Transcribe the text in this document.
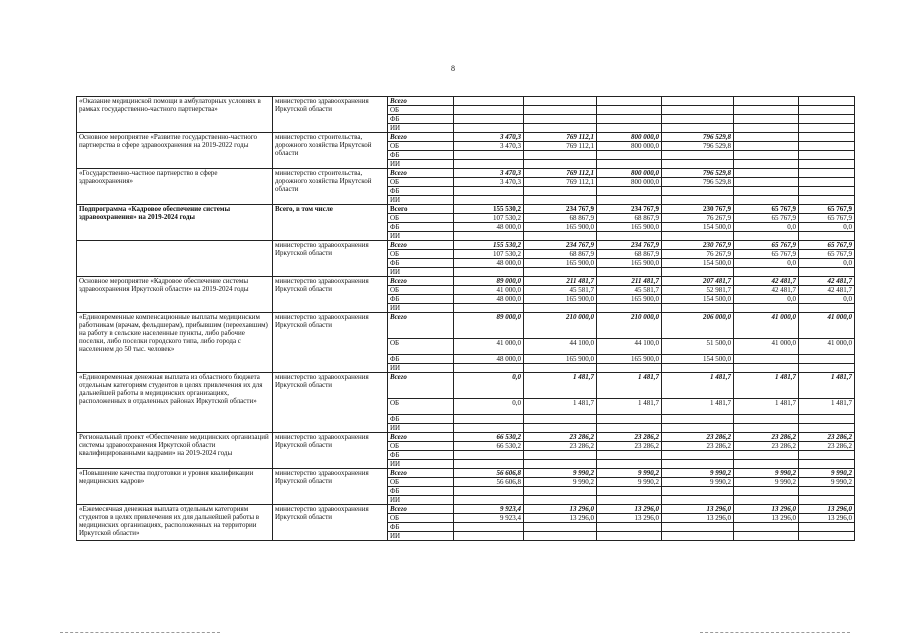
8
«Оказание медицинской помощи в амбулаторных условиях в рамках государственно-частного партнерства»	министерство здравоохранения Иркутской области	Всего						
		ОБ						
		ФБ						
		ИИ						
Основное мероприятие «Развитие государственно-частного партнерства в сфере здравоохранения на 2019-2022 годы	министерство строительства, дорожного хозяйства Иркутской области	Всего	3 470,3	769 112,1	800 000,0	796 529,8		
		ОБ	3 470,3	769 112,1	800 000,0	796 529,8		
		ФБ						
		ИИ						
«Государственно-частное партнерство в сфере здравоохранения»	министерство строительства, дорожного хозяйства Иркутской области	Всего	3 470,3	769 112,1	800 000,0	796 529,8		
		ОБ	3 470,3	769 112,1	800 000,0	796 529,8		
		ФБ						
		ИИ						
Подпрограмма «Кадровое обеспечение системы здравоохранения» на 2019-2024 годы	Всего, в том числе	Всего	155 530,2	234 767,9	234 767,9	230 767,9	65 767,9	65 767,9
		ОБ	107 530,2	68 867,9	68 867,9	76 267,9	65 767,9	65 767,9
		ФБ	48 000,0	165 900,0	165 900,0	154 500,0	0,0	0,0
		ИИ						
	министерство здравоохранения Иркутской области	Всего	155 530,2	234 767,9	234 767,9	230 767,9	65 767,9	65 767,9
		ОБ	107 530,2	68 867,9	68 867,9	76 267,9	65 767,9	65 767,9
		ФБ	48 000,0	165 900,0	165 900,0	154 500,0	0,0	0,0
		ИИ						
Основное мероприятие «Кадровое обеспечение системы здравоохранения Иркутской области» на 2019-2024 годы	министерство здравоохранения Иркутской области	Всего	89 000,0	211 481,7	211 481,7	207 481,7	42 481,7	42 481,7
		ОБ	41 000,0	45 581,7	45 581,7	52 981,7	42 481,7	42 481,7
		ФБ	48 000,0	165 900,0	165 900,0	154 500,0	0,0	0,0
		ИИ						
«Единовременные компенсационные выплаты медицинским работникам (врачам, фельдшерам), прибывшим (переехавшим) на работу в сельские населенные пункты, либо рабочие поселки, либо поселки городского типа, либо города с населением до 50 тыс. человек»	министерство здравоохранения Иркутской области	Всего	89 000,0	210 000,0	210 000,0	206 000,0	41 000,0	41 000,0
		ОБ	41 000,0	44 100,0	44 100,0	51 500,0	41 000,0	41 000,0
		ФБ	48 000,0	165 900,0	165 900,0	154 500,0		
		ИИ						
«Единовременная денежная выплата из областного бюджета отдельным категориям студентов в целях привлечения их для дальнейшей работы в медицинских организациях, расположенных в отдаленных районах Иркутской области»	министерство здравоохранения Иркутской области	Всего	0,0	1 481,7	1 481,7	1 481,7	1 481,7	1 481,7
		ОБ	0,0	1 481,7	1 481,7	1 481,7	1 481,7	1 481,7
		ФБ						
		ИИ						
Региональный проект «Обеспечение медицинских организаций системы здравоохранения Иркутской области квалифицированными кадрами» на 2019-2024 годы	министерство здравоохранения Иркутской области	Всего	66 530,2	23 286,2	23 286,2	23 286,2	23 286,2	23 286,2
		ОБ	66 530,2	23 286,2	23 286,2	23 286,2	23 286,2	23 286,2
		ФБ						
		ИИ						
«Повышение качества подготовки и уровня квалификации медицинских кадров»	министерство здравоохранения Иркутской области	Всего	56 606,8	9 990,2	9 990,2	9 990,2	9 990,2	9 990,2
		ОБ	56 606,8	9 990,2	9 990,2	9 990,2	9 990,2	9 990,2
		ФБ						
		ИИ						
«Ежемесячная денежная выплата отдельным категориям студентов в целях привлечения их для дальнейшей работы в медицинских организациях, расположенных на территории Иркутской области»	министерство здравоохранения Иркутской области	Всего	9 923,4	13 296,0	13 296,0	13 296,0	13 296,0	13 296,0
		ОБ	9 923,4	13 296,0	13 296,0	13 296,0	13 296,0	13 296,0
		ФБ						
		ИИ						
